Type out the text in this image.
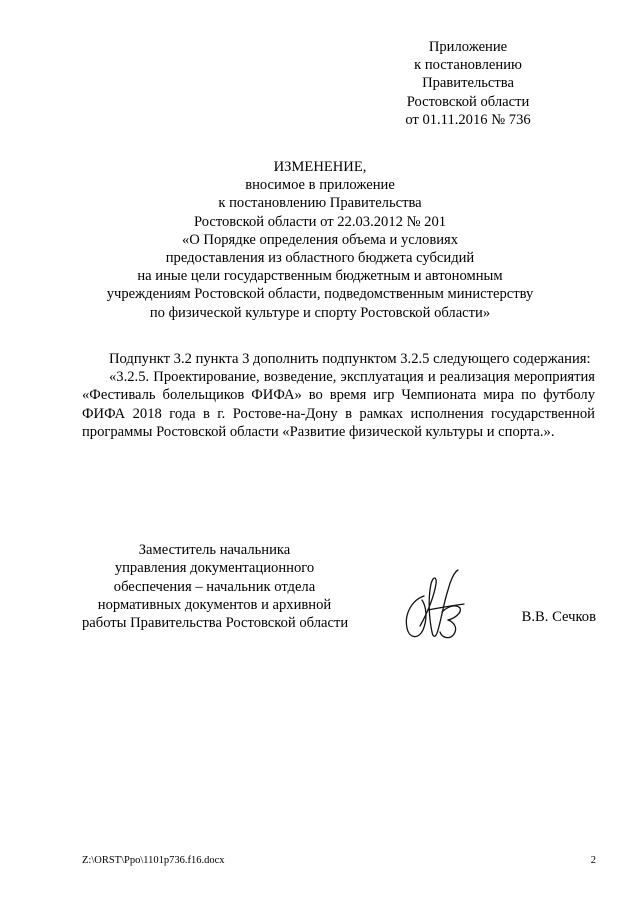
Приложение
к постановлению
Правительства
Ростовской области
от 01.11.2016 № 736
ИЗМЕНЕНИЕ,
вносимое в приложение
к постановлению Правительства
Ростовской области от 22.03.2012 № 201
«О Порядке определения объема и условиях
предоставления из областного бюджета субсидий
на иные цели государственным бюджетным и автономным
учреждениям Ростовской области, подведомственным министерству
по физической культуре и спорту Ростовской области»

Подпункт 3.2 пункта 3 дополнить подпунктом 3.2.5 следующего содержания:

«3.2.5. Проектирование, возведение, эксплуатация и реализация мероприятия «Фестиваль болельщиков ФИФА» во время игр Чемпионата мира по футболу ФИФА 2018 года в г. Ростове-на-Дону в рамках исполнения государственной программы Ростовской области «Развитие физической культуры и спорта.».

Заместитель начальника
управления документационного
обеспечения – начальник отдела
нормативных документов и архивной
работы Правительства Ростовской области	В.В. Сечков
Z:\ORST\Ppo\1101p736.f16.docx	2
